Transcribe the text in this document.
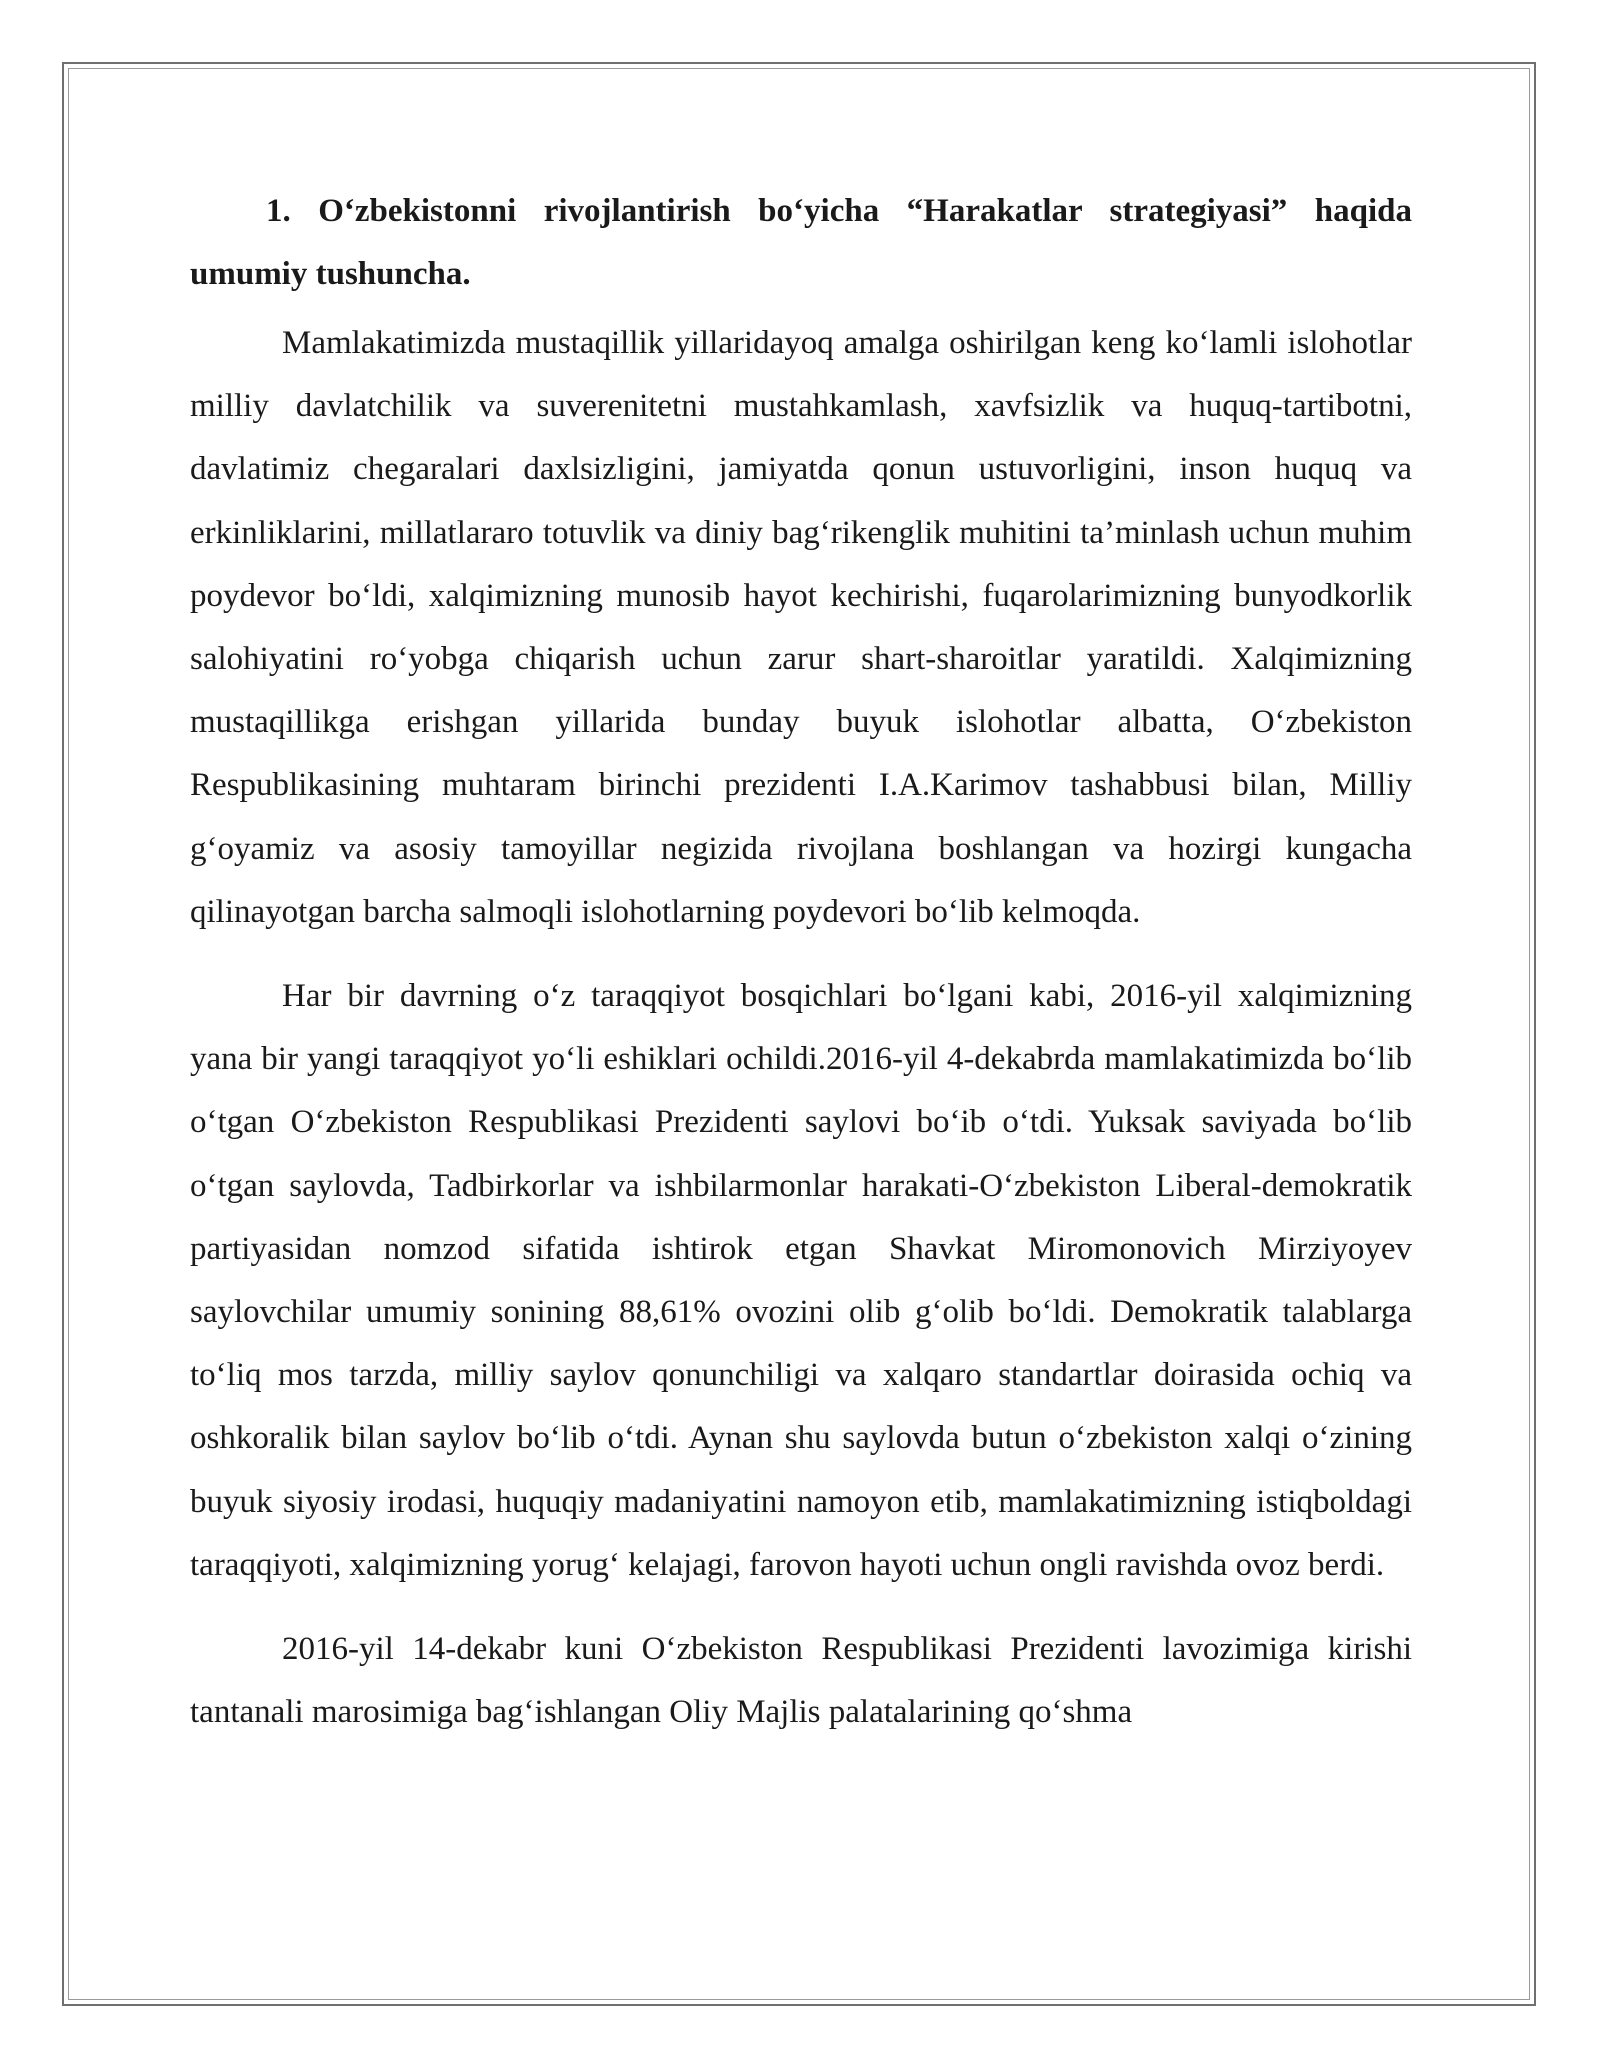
1. O‘zbekistonni rivojlantirish bo‘yicha “Harakatlar strategiyasi” haqida umumiy tushuncha.

Mamlakatimizda mustaqillik yillaridayoq amalga oshirilgan keng ko‘lamli islohotlar milliy davlatchilik va suverenitetni mustahkamlash, xavfsizlik va huquq-tartibotni, davlatimiz chegaralari daxlsizligini, jamiyatda qonun ustuvorligini, inson huquq va erkinliklarini, millatlararo totuvlik va diniy bag‘rikenglik muhitini ta’minlash uchun muhim poydevor bo‘ldi, xalqimizning munosib hayot kechirishi, fuqarolarimizning bunyodkorlik salohiyatini ro‘yobga chiqarish uchun zarur shart-sharoitlar yaratildi. Xalqimizning mustaqillikga erishgan yillarida bunday buyuk islohotlar albatta, O‘zbekiston Respublikasining muhtaram birinchi prezidenti I.A.Karimov tashabbusi bilan, Milliy g‘oyamiz va asosiy tamoyillar negizida rivojlana boshlangan va hozirgi kungacha qilinayotgan barcha salmoqli islohotlarning poydevori bo‘lib kelmoqda.

Har bir davrning o‘z taraqqiyot bosqichlari bo‘lgani kabi, 2016-yil xalqimizning yana bir yangi taraqqiyot yo‘li eshiklari ochildi.2016-yil 4-dekabrda mamlakatimizda bo‘lib o‘tgan O‘zbekiston Respublikasi Prezidenti saylovi bo‘ib o‘tdi. Yuksak saviyada bo‘lib o‘tgan saylovda, Tadbirkorlar va ishbilarmonlar harakati-O‘zbekiston Liberal-demokratik partiyasidan nomzod sifatida ishtirok etgan Shavkat Miromonovich Mirziyoyev saylovchilar umumiy sonining 88,61% ovozini olib g‘olib bo‘ldi. Demokratik talablarga to‘liq mos tarzda, milliy saylov qonunchiligi va xalqaro standartlar doirasida ochiq va oshkoralik bilan saylov bo‘lib o‘tdi. Aynan shu saylovda butun o‘zbekiston xalqi o‘zining buyuk siyosiy irodasi, huquqiy madaniyatini namoyon etib, mamlakatimizning istiqboldagi taraqqiyoti, xalqimizning yorug‘ kelajagi, farovon hayoti uchun ongli ravishda ovoz berdi.

2016-yil 14-dekabr kuni O‘zbekiston Respublikasi Prezidenti lavozimiga kirishi tantanali marosimiga bag‘ishlangan Oliy Majlis palatalarining qo‘shma
